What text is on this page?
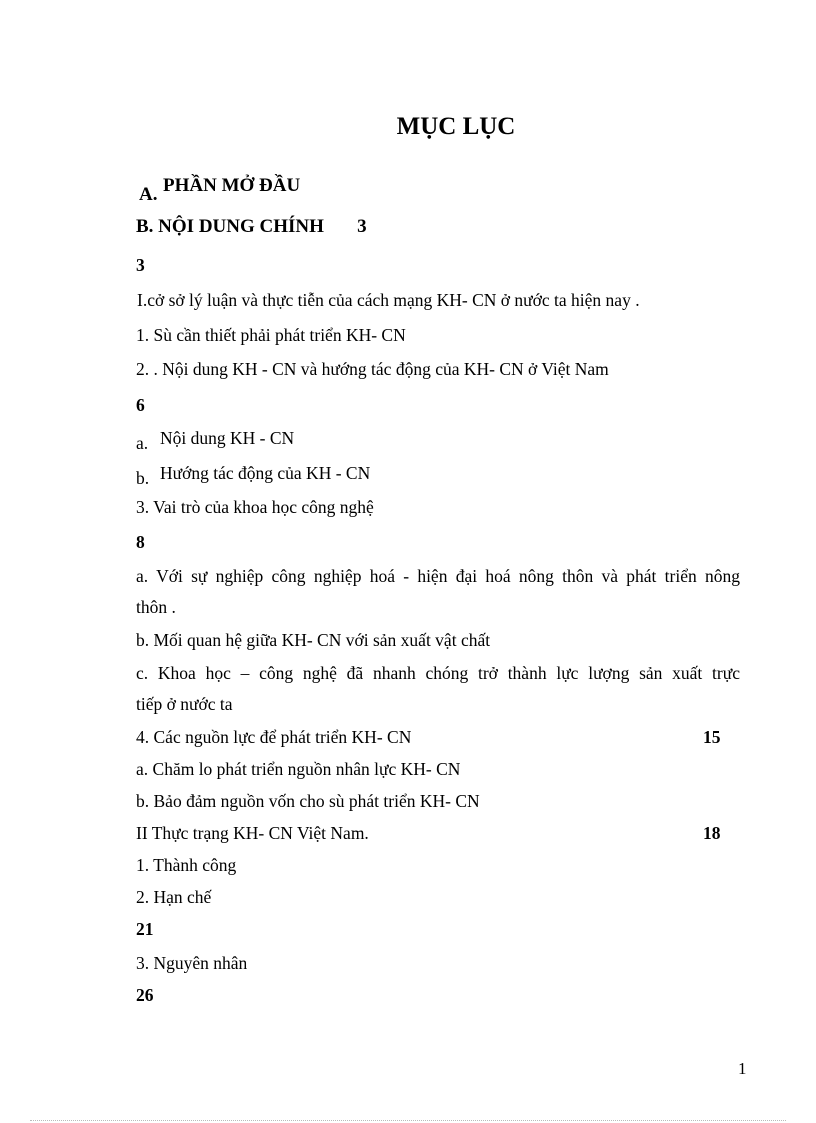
MỤC LỤC
A. PHẦN MỞ ĐẦU
B. NỘI DUNG CHÍNH 3
3
I.cở sở lý luận và thực tiễn của cách mạng KH- CN ở nước ta hiện nay .
1. Sù cần thiết phải phát triển KH- CN
2. . Nội dung KH - CN và hướng tác động của KH- CN ở Việt Nam
6
a. Nội dung KH - CN
b. Hướng tác động của KH - CN
3. Vai trò của khoa học công nghệ
8
a. Với sự nghiệp công nghiệp hoá - hiện đại hoá nông thôn và phát triển nông
thôn .
b. Mối quan hệ giữa KH- CN với sản xuất vật chất
c. Khoa học – công nghệ đã nhanh chóng trở thành lực lượng sản xuất trực
tiếp ở nước ta
4. Các nguồn lực để phát triển KH- CN	15
a. Chăm lo phát triển nguồn nhân lực KH- CN
b. Bảo đảm nguồn vốn cho sù phát triển KH- CN
II Thực trạng KH- CN Việt Nam.	18
1. Thành công
2. Hạn chế
21
3. Nguyên nhân
26
1
